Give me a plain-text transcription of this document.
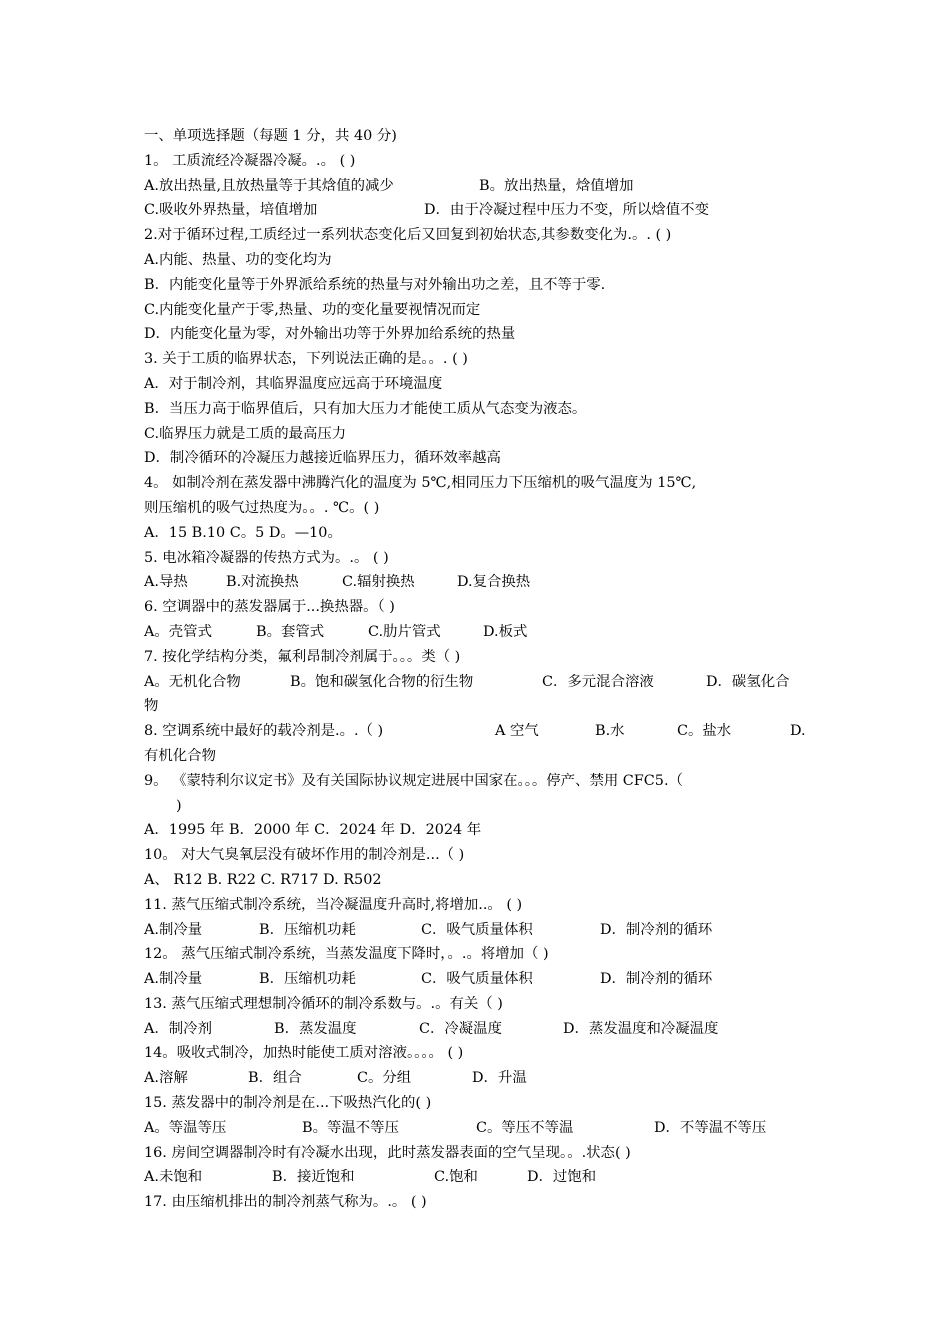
一、单项选择题（每题 1 分，共 40 分)
1。 工质流经冷凝器冷凝。.。 ( )
A.放出热量,且放热量等于其焓值的减少	B。放出热量，焓值增加
C.吸收外界热量，培值增加	D．由于冷凝过程中压力不变，所以焓值不变
2.对于循环过程,工质经过一系列状态变化后又回复到初始状态,其参数变化为.。. ( )
A.内能、热量、功的变化均为
B．内能变化量等于外界派给系统的热量与对外输出功之差，且不等于零.
C.内能变化量产于零,热量、功的变化量要视情况而定
D．内能变化量为零，对外输出功等于外界加给系统的热量
3. 关于工质的临界状态，下列说法正确的是。。. ( )
A．对于制冷剂，其临界温度应远高于环境温度
B．当压力高于临界值后，只有加大压力才能使工质从气态变为液态。
C.临界压力就是工质的最高压力
D．制冷循环的冷凝压力越接近临界压力，循环效率越高
4。 如制冷剂在蒸发器中沸腾汽化的温度为 5℃,相同压力下压缩机的吸气温度为 15℃,
则压缩机的吸气过热度为。。. ℃。( )
A．15 B.10 C。5 D。—10。
5. 电冰箱冷凝器的传热方式为。.。 ( )
A.导热	B.对流换热	C.辐射换热	D.复合换热
6. 空调器中的蒸发器属于...换热器。（ )
A。壳管式	B。套管式	C.肋片管式	D.板式
7. 按化学结构分类，氟利昂制冷剂属于。。。类（ )
A。无机化合物	B。饱和碳氢化合物的衍生物	C．多元混合溶液	D．碳氢化合
物
8. 空调系统中最好的载冷剂是.。.（ )	A 空气	B.水	C。盐水	D.
有机化合物
9。 《蒙特利尔议定书》及有关国际协议规定进展中国家在。。。停产、禁用 CFC5.（
)
A．1995 年 B．2000 年 C．2024 年 D．2024 年
10。 对大气臭氧层没有破坏作用的制冷剂是...（ )
A、 R12 B. R22 C. R717 D. R502
11. 蒸气压缩式制冷系统，当冷凝温度升高时,将增加..。 ( )
A.制冷量	B．压缩机功耗	C．吸气质量体积	D．制冷剂的循环
12。 蒸气压缩式制冷系统，当蒸发温度下降时，。.。将增加（ )
A.制冷量	B．压缩机功耗	C．吸气质量体积	D．制冷剂的循环
13. 蒸气压缩式理想制冷循环的制冷系数与。.。有关（ )
A．制冷剂	B．蒸发温度	C．冷凝温度	D．蒸发温度和冷凝温度
14。吸收式制冷，加热时能使工质对溶液。。。。 ( )
A.溶解	B．组合	C。分组	D．升温
15. 蒸发器中的制冷剂是在...下吸热汽化的( )
A。等温等压	B。等温不等压	C。等压不等温	D．不等温不等压
16. 房间空调器制冷时有冷凝水出现，此时蒸发器表面的空气呈现。。.状态( )
A.未饱和	B．接近饱和	C.饱和	D．过饱和
17. 由压缩机排出的制冷剂蒸气称为。.。 ( )
